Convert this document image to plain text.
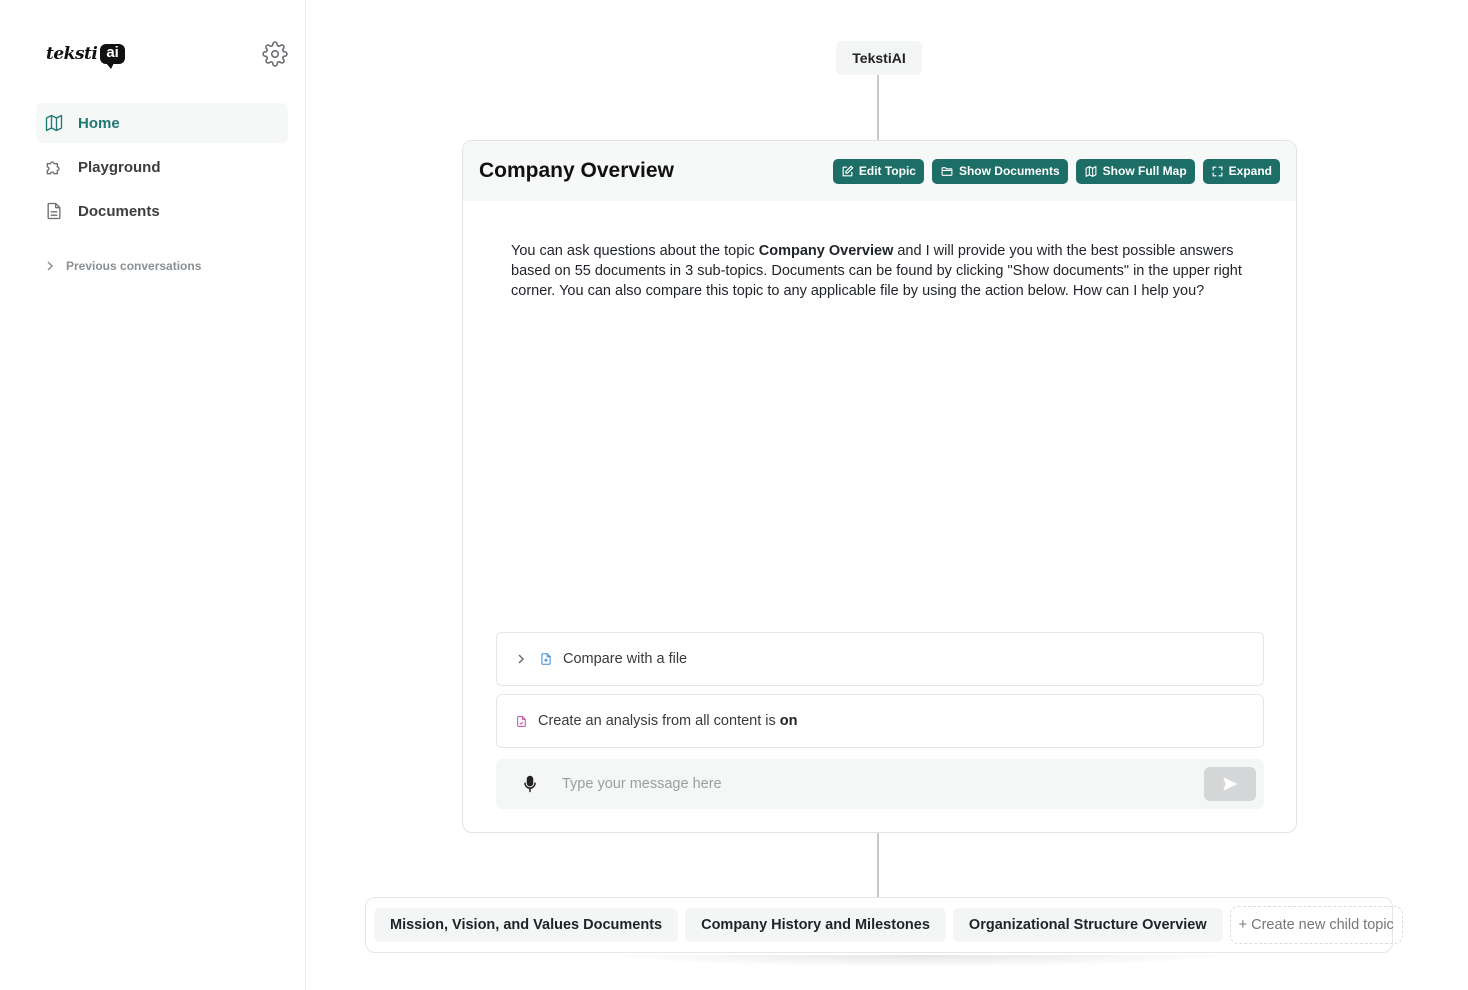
teksti ai
Home
Playground
Documents
Previous conversations
TekstiAI
Company Overview	Edit Topic	Show Documents	Show Full Map	Expand
You can ask questions about the topic Company Overview and I will provide you with the best possible answers based on 55 documents in 3 sub-topics. Documents can be found by clicking "Show documents" in the upper right corner. You can also compare this topic to any applicable file by using the action below. How can I help you?
Compare with a file
Create an analysis from all content is on
Type your message here
Mission, Vision, and Values Documents	Company History and Milestones	Organizational Structure Overview	+ Create new child topic
